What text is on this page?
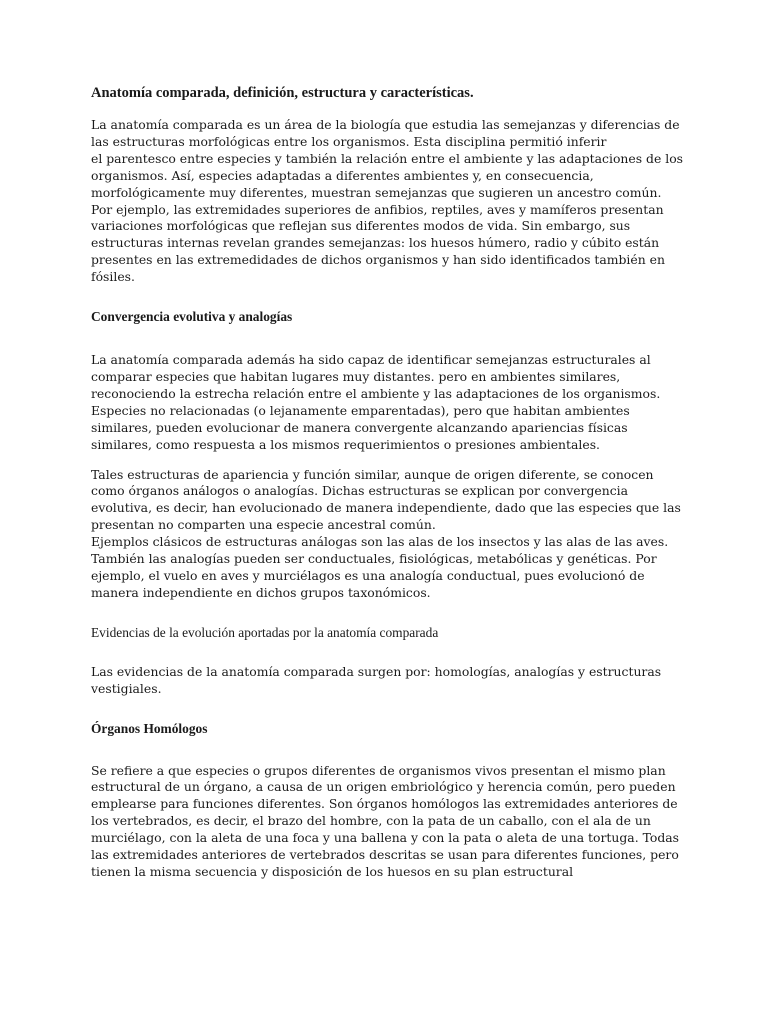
Anatomía comparada, definición, estructura y características.

La anatomía comparada es un área de la biología que estudia las semejanzas y diferencias de
las estructuras morfológicas entre los organismos. Esta disciplina permitió inferir
el parentesco entre especies y también la relación entre el ambiente y las adaptaciones de los
organismos. Así, especies adaptadas a diferentes ambientes y, en consecuencia,
morfológicamente muy diferentes, muestran semejanzas que sugieren un ancestro común.
Por ejemplo, las extremidades superiores de anfibios, reptiles, aves y mamíferos presentan
variaciones morfológicas que reflejan sus diferentes modos de vida. Sin embargo, sus
estructuras internas revelan grandes semejanzas: los huesos húmero, radio y cúbito están
presentes en las extremedidades de dichos organismos y han sido identificados también en
fósiles.

Convergencia evolutiva y analogías

La anatomía comparada además ha sido capaz de identificar semejanzas estructurales al
comparar especies que habitan lugares muy distantes. pero en ambientes similares,
reconociendo la estrecha relación entre el ambiente y las adaptaciones de los organismos.
Especies no relacionadas (o lejanamente emparentadas), pero que habitan ambientes
similares, pueden evolucionar de manera convergente alcanzando apariencias físicas
similares, como respuesta a los mismos requerimientos o presiones ambientales.

Tales estructuras de apariencia y función similar, aunque de origen diferente, se conocen
como órganos análogos o analogías. Dichas estructuras se explican por convergencia
evolutiva, es decir, han evolucionado de manera independiente, dado que las especies que las
presentan no comparten una especie ancestral común.
Ejemplos clásicos de estructuras análogas son las alas de los insectos y las alas de las aves.
También las analogías pueden ser conductuales, fisiológicas, metabólicas y genéticas. Por
ejemplo, el vuelo en aves y murciélagos es una analogía conductual, pues evolucionó de
manera independiente en dichos grupos taxonómicos.

Evidencias de la evolución aportadas por la anatomía comparada

Las evidencias de la anatomía comparada surgen por: homologías, analogías y estructuras
vestigiales.

Órganos Homólogos

Se refiere a que especies o grupos diferentes de organismos vivos presentan el mismo plan
estructural de un órgano, a causa de un origen embriológico y herencia común, pero pueden
emplearse para funciones diferentes. Son órganos homólogos las extremidades anteriores de
los vertebrados, es decir, el brazo del hombre, con la pata de un caballo, con el ala de un
murciélago, con la aleta de una foca y una ballena y con la pata o aleta de una tortuga. Todas
las extremidades anteriores de vertebrados descritas se usan para diferentes funciones, pero
tienen la misma secuencia y disposición de los huesos en su plan estructural
